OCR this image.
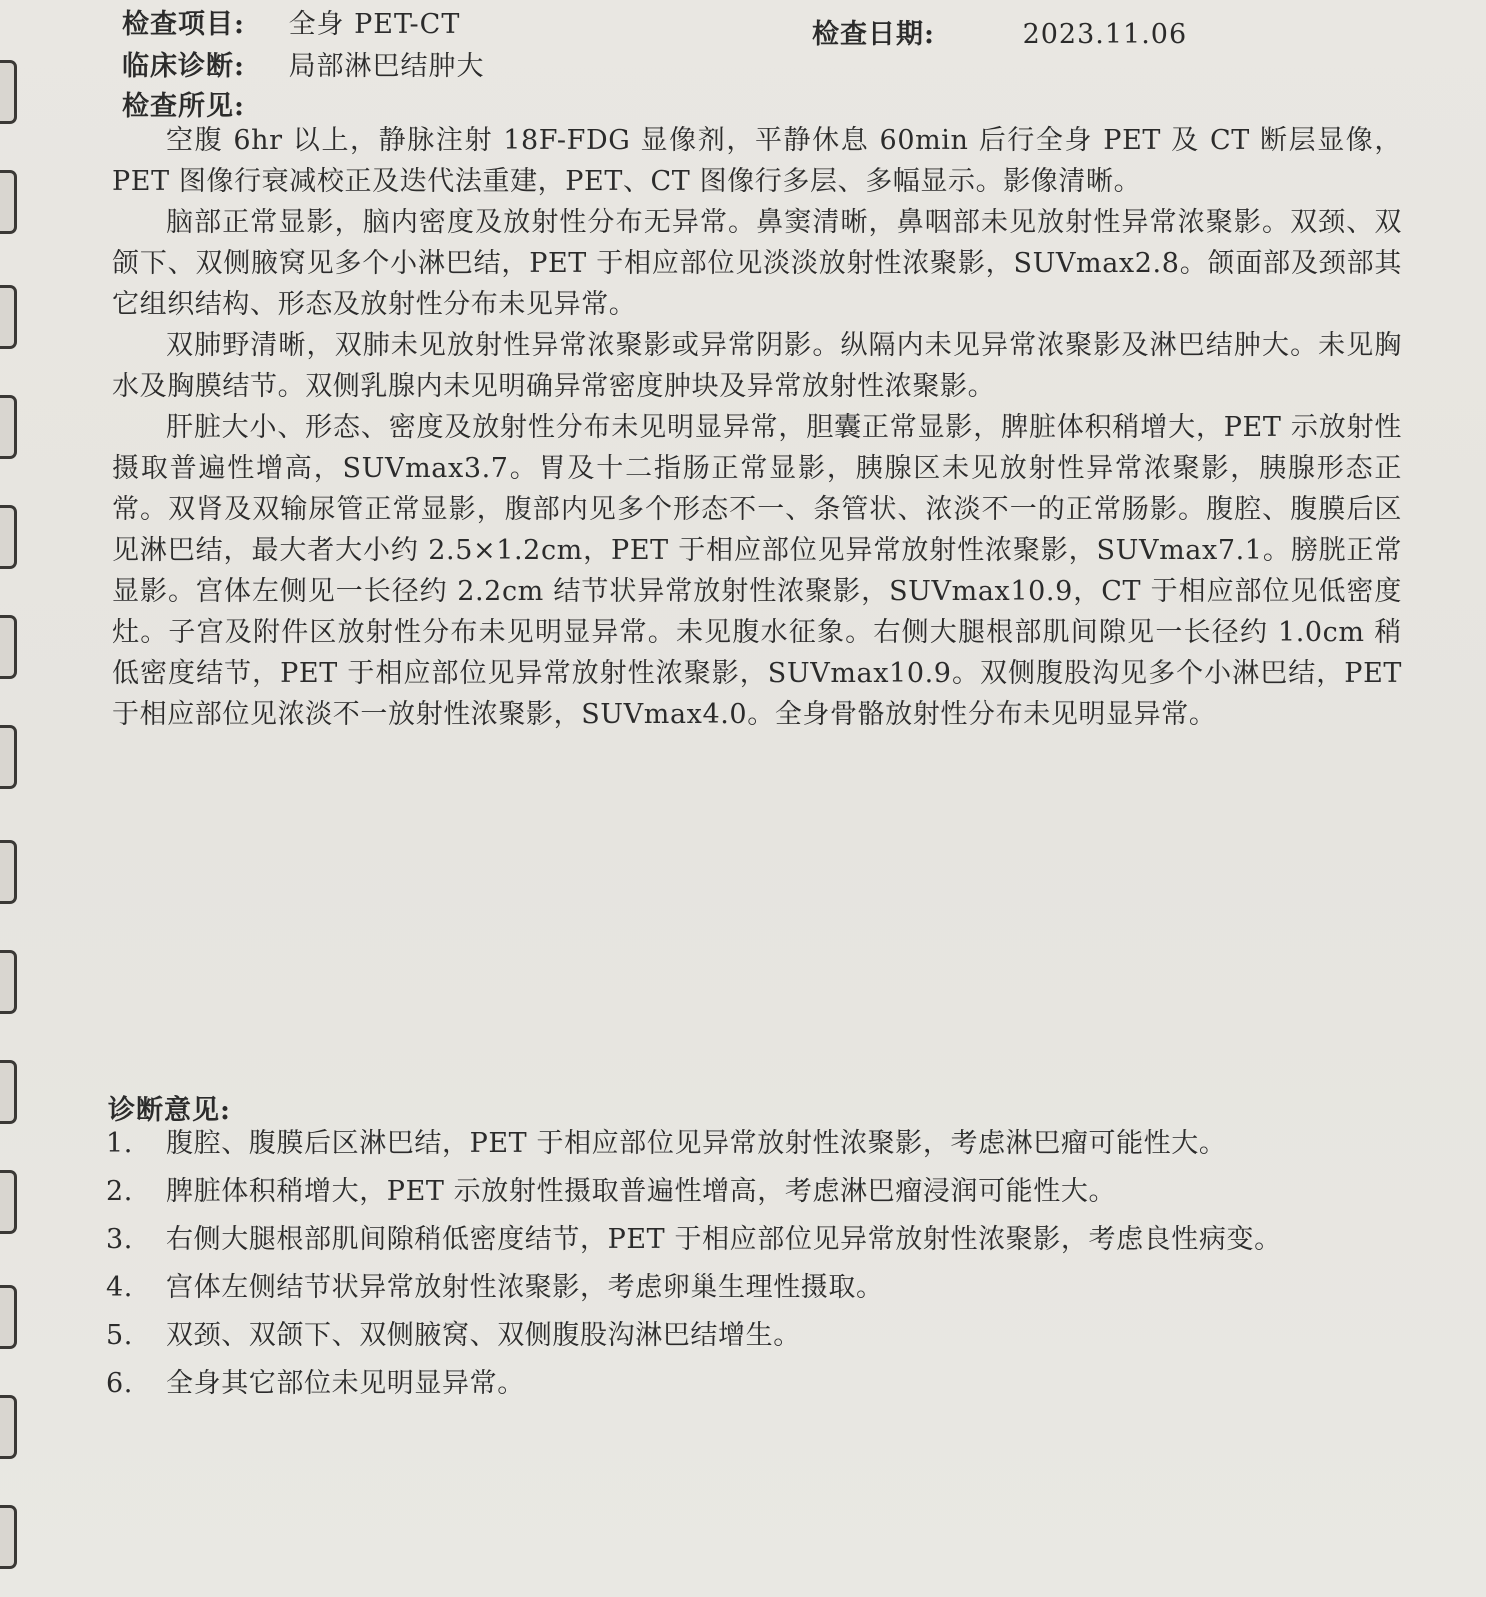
检查项目: 全身 PET-CT	检查日期:	2023.11.06
临床诊断: 局部淋巴结肿大
检查所见:

空腹 6hr 以上，静脉注射 18F-FDG 显像剂，平静休息 60min 后行全身 PET 及 CT 断层显像，PET 图像行衰减校正及迭代法重建，PET、CT 图像行多层、多幅显示。影像清晰。

脑部正常显影，脑内密度及放射性分布无异常。鼻窦清晰，鼻咽部未见放射性异常浓聚影。双颈、双颌下、双侧腋窝见多个小淋巴结，PET 于相应部位见淡淡放射性浓聚影，SUVmax2.8。颌面部及颈部其它组织结构、形态及放射性分布未见异常。

双肺野清晰，双肺未见放射性异常浓聚影或异常阴影。纵隔内未见异常浓聚影及淋巴结肿大。未见胸水及胸膜结节。双侧乳腺内未见明确异常密度肿块及异常放射性浓聚影。

肝脏大小、形态、密度及放射性分布未见明显异常，胆囊正常显影，脾脏体积稍增大，PET 示放射性摄取普遍性增高，SUVmax3.7。胃及十二指肠正常显影，胰腺区未见放射性异常浓聚影，胰腺形态正常。双肾及双输尿管正常显影，腹部内见多个形态不一、条管状、浓淡不一的正常肠影。腹腔、腹膜后区见淋巴结，最大者大小约 2.5×1.2cm，PET 于相应部位见异常放射性浓聚影，SUVmax7.1。膀胱正常显影。宫体左侧见一长径约 2.2cm 结节状异常放射性浓聚影，SUVmax10.9，CT 于相应部位见低密度灶。子宫及附件区放射性分布未见明显异常。未见腹水征象。右侧大腿根部肌间隙见一长径约 1.0cm 稍低密度结节，PET 于相应部位见异常放射性浓聚影，SUVmax10.9。双侧腹股沟见多个小淋巴结，PET 于相应部位见浓淡不一放射性浓聚影，SUVmax4.0。全身骨骼放射性分布未见明显异常。

诊断意见:
1.	腹腔、腹膜后区淋巴结，PET 于相应部位见异常放射性浓聚影，考虑淋巴瘤可能性大。
2.	脾脏体积稍增大，PET 示放射性摄取普遍性增高，考虑淋巴瘤浸润可能性大。
3.	右侧大腿根部肌间隙稍低密度结节，PET 于相应部位见异常放射性浓聚影，考虑良性病变。
4.	宫体左侧结节状异常放射性浓聚影，考虑卵巢生理性摄取。
5.	双颈、双颌下、双侧腋窝、双侧腹股沟淋巴结增生。
6.	全身其它部位未见明显异常。
